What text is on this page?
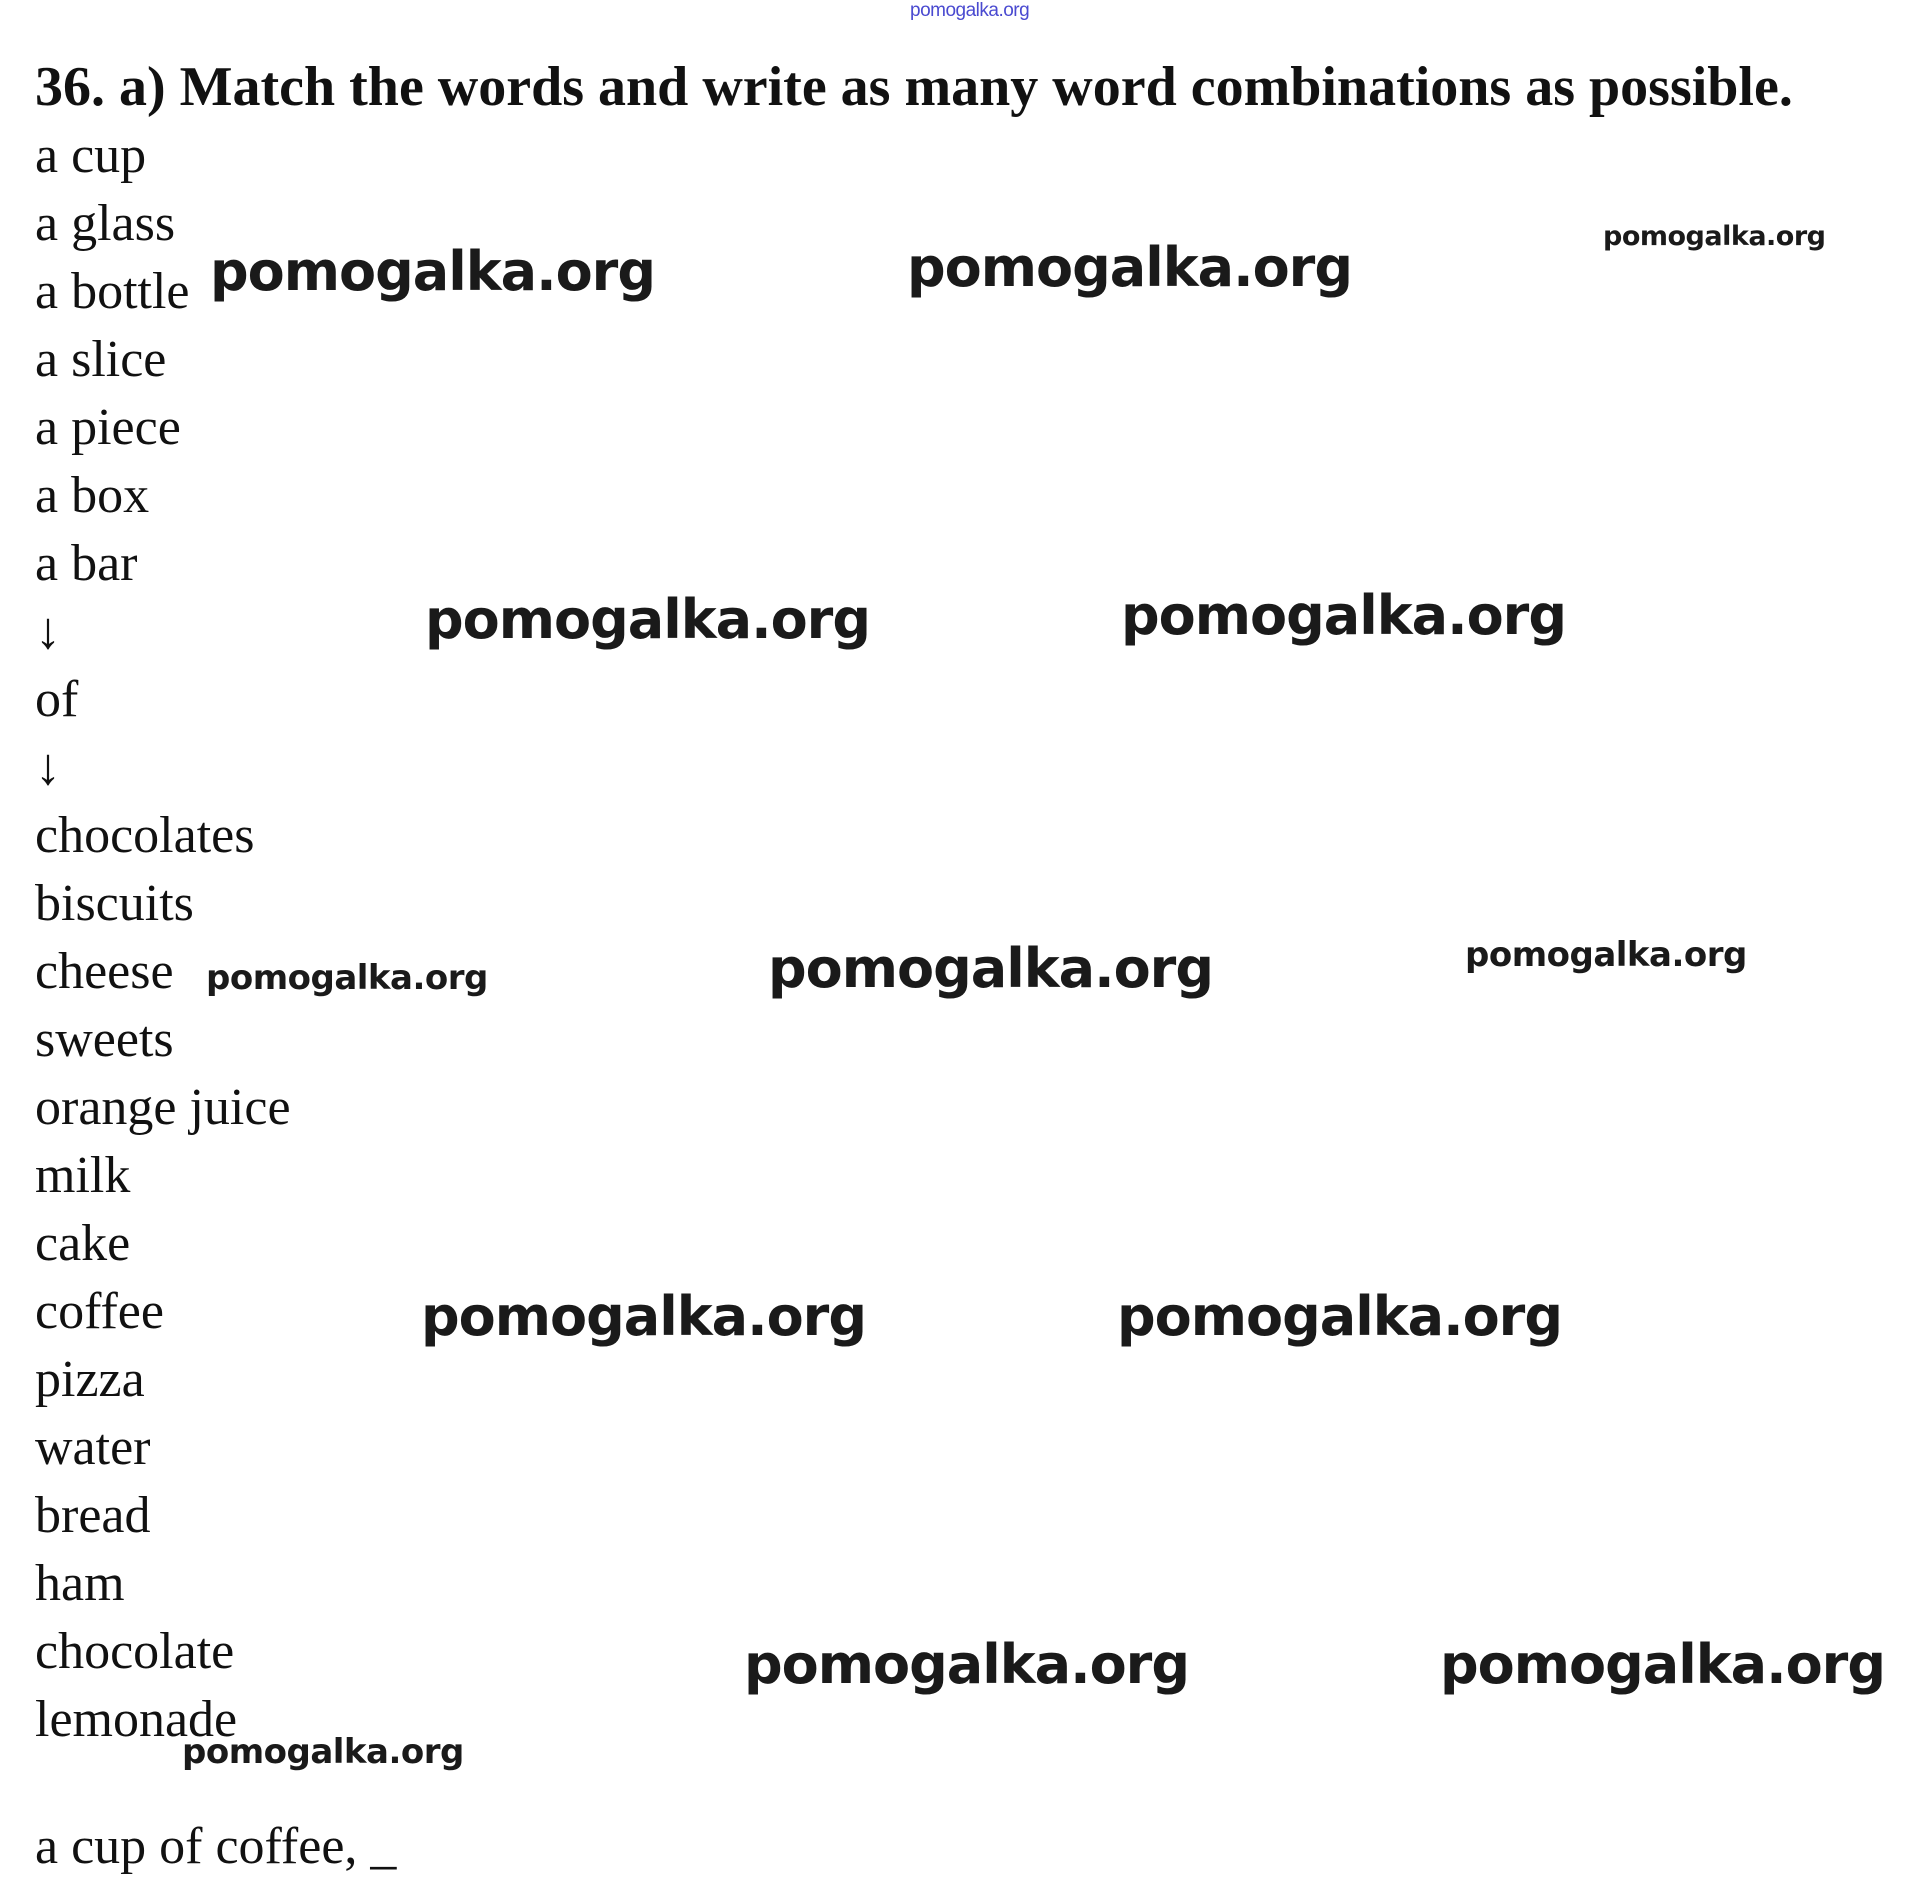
pomogalka.org
36. a) Match the words and write as many word combinations as possible.
a cup
a glass
a bottle
a slice
a piece
a box
a bar
↓
of
↓
chocolates
biscuits
cheese
sweets
orange juice
milk
cake
coffee
pizza
water
bread
ham
chocolate
lemonade
a cup of coffee, _
pomogalka.org	pomogalka.org	pomogalka.org
pomogalka.org	pomogalka.org
pomogalka.org	pomogalka.org	pomogalka.org
pomogalka.org	pomogalka.org
pomogalka.org	pomogalka.org
pomogalka.org
